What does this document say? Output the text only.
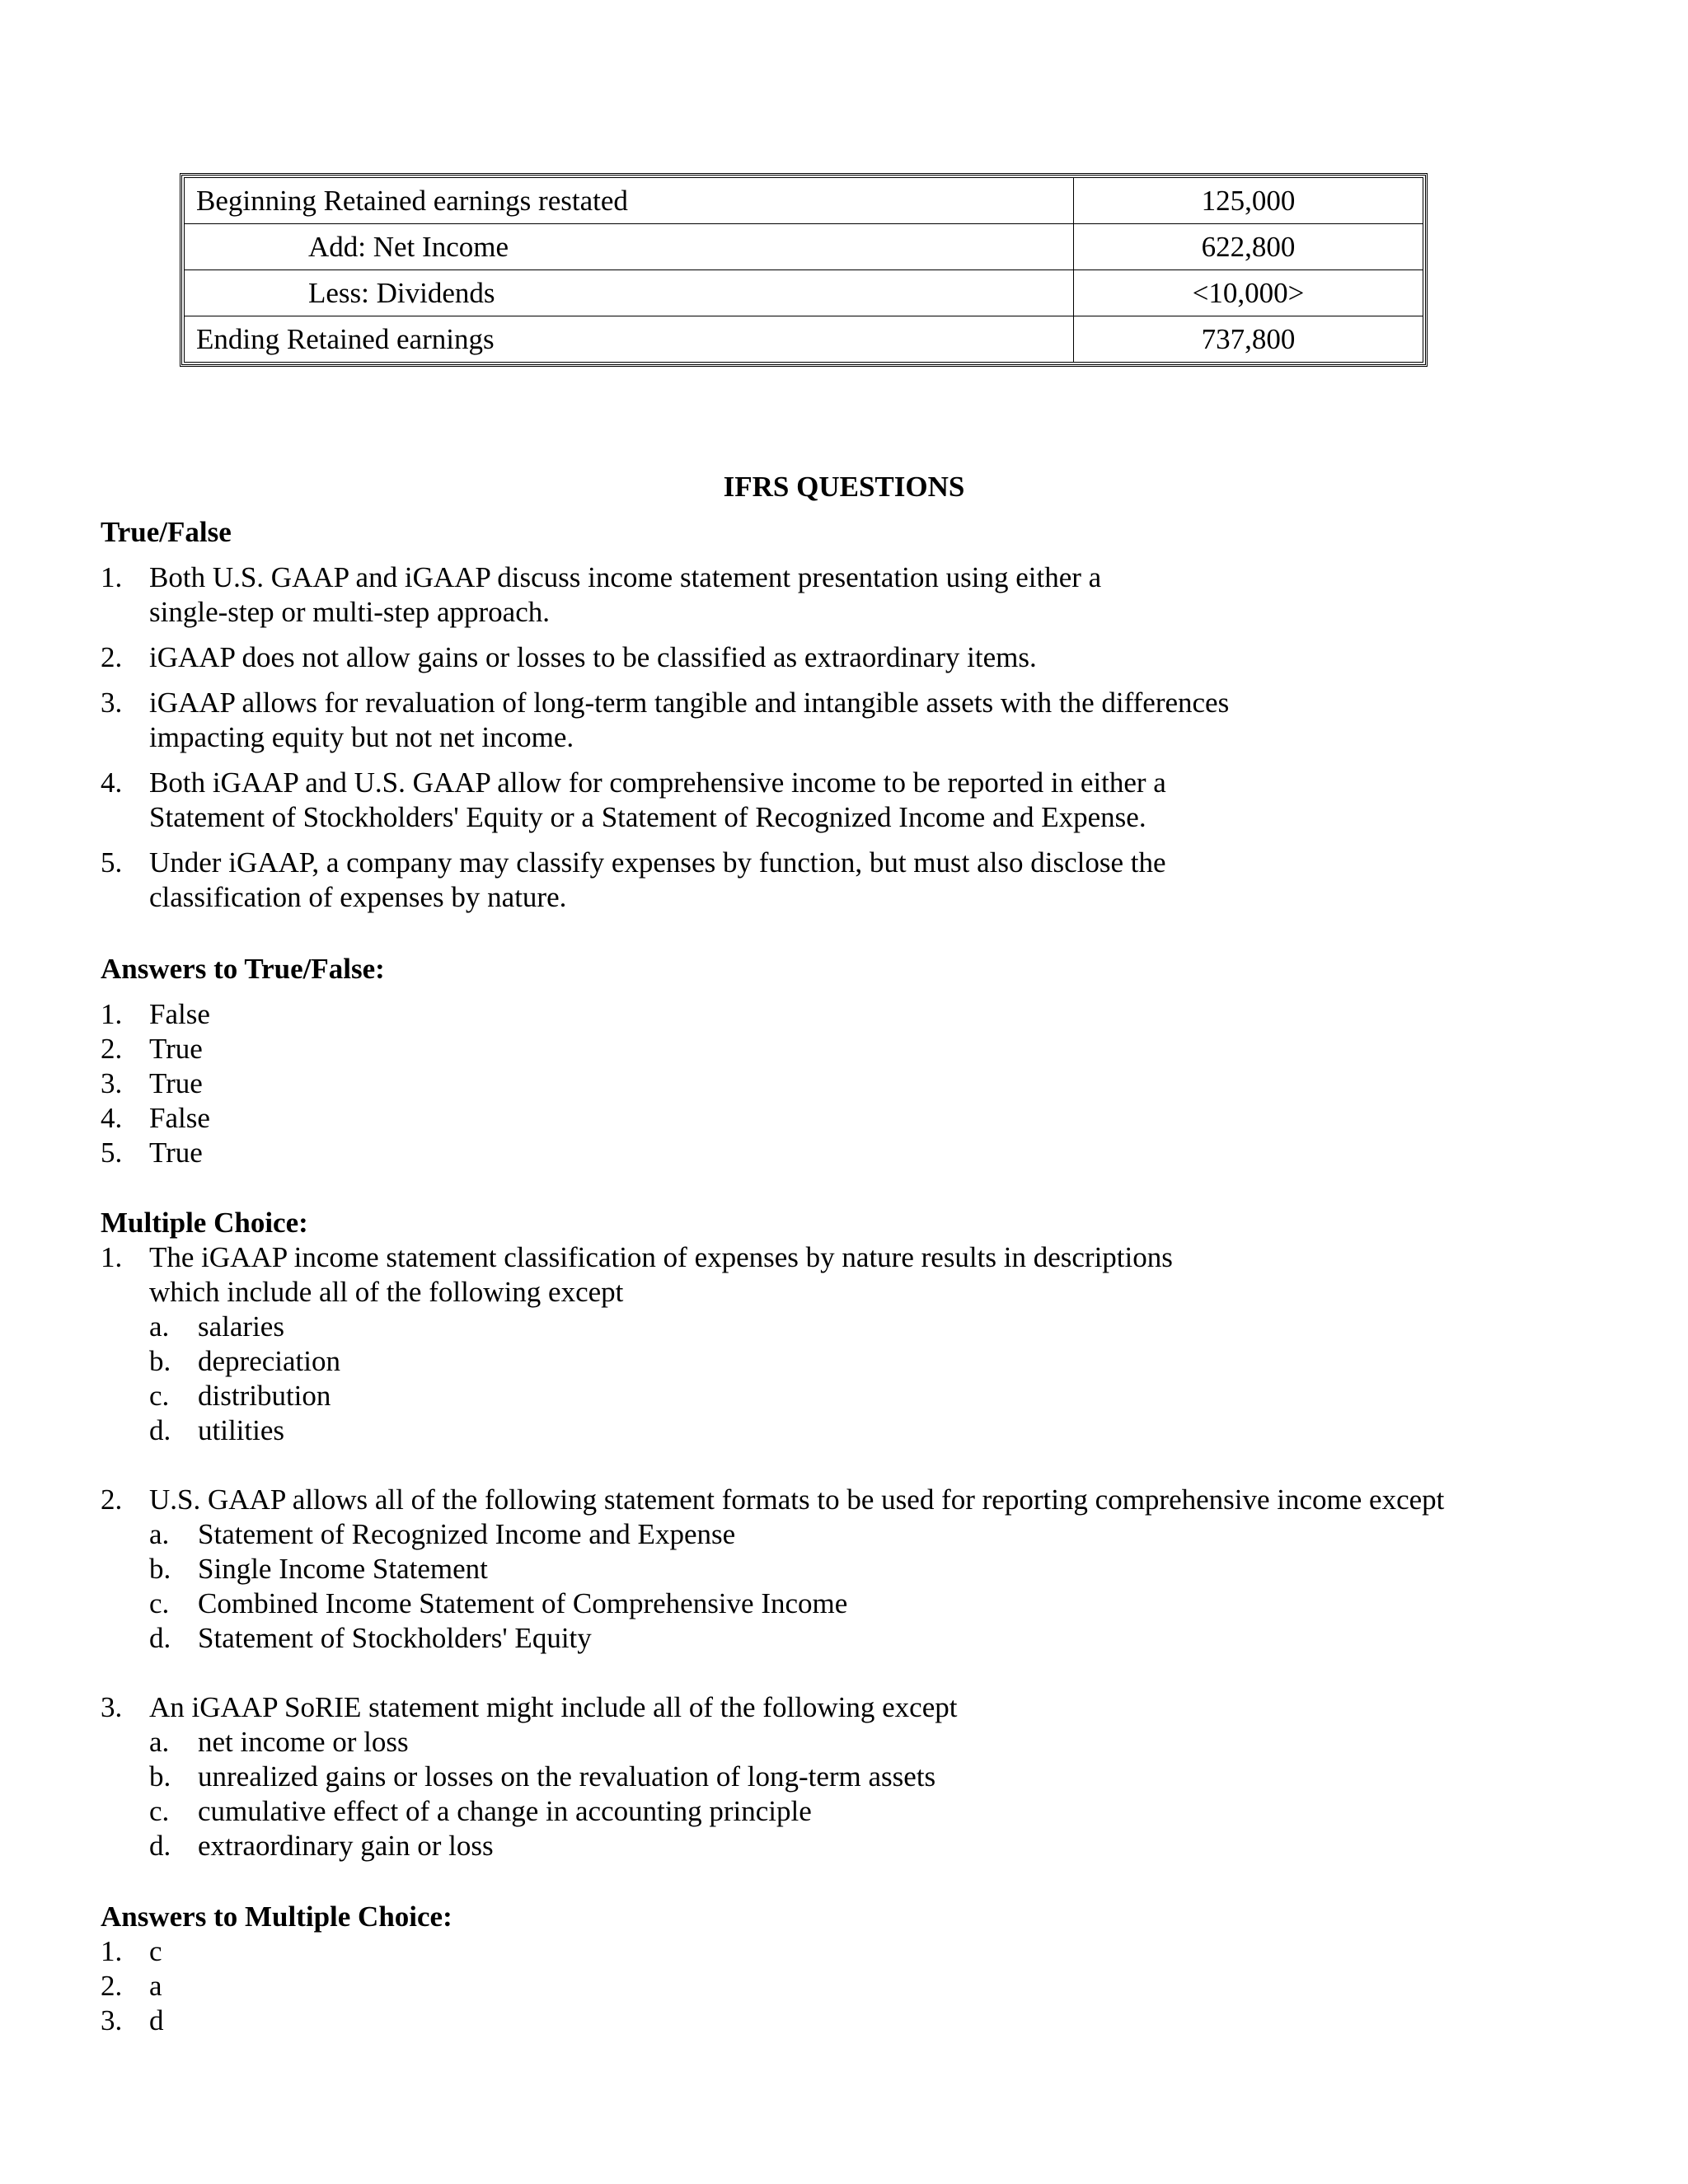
Beginning Retained earnings restated	125,000
Add: Net Income	622,800
Less: Dividends	<10,000>
Ending Retained earnings	737,800
IFRS QUESTIONS
True/False
1. Both U.S. GAAP and iGAAP discuss income statement presentation using either a
single-step or multi-step approach.
2. iGAAP does not allow gains or losses to be classified as extraordinary items.
3. iGAAP allows for revaluation of long-term tangible and intangible assets with the differences
impacting equity but not net income.
4. Both iGAAP and U.S. GAAP allow for comprehensive income to be reported in either a
Statement of Stockholders' Equity or a Statement of Recognized Income and Expense.
5. Under iGAAP, a company may classify expenses by function, but must also disclose the
classification of expenses by nature.
Answers to True/False:
1. False
2. True
3. True
4. False
5. True
Multiple Choice:
1. The iGAAP income statement classification of expenses by nature results in descriptions
which include all of the following except
a. salaries
b. depreciation
c. distribution
d. utilities
2. U.S. GAAP allows all of the following statement formats to be used for reporting comprehensive income except
a. Statement of Recognized Income and Expense
b. Single Income Statement
c. Combined Income Statement of Comprehensive Income
d. Statement of Stockholders' Equity
3. An iGAAP SoRIE statement might include all of the following except
a. net income or loss
b. unrealized gains or losses on the revaluation of long-term assets
c. cumulative effect of a change in accounting principle
d. extraordinary gain or loss
Answers to Multiple Choice:
1. c
2. a
3. d
